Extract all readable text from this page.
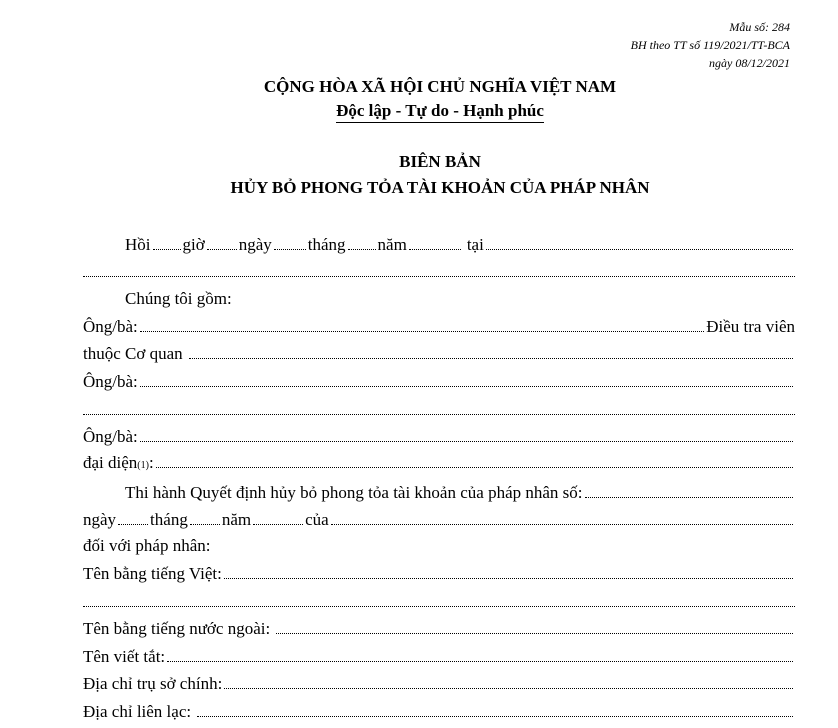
Mẫu số: 284
BH theo TT số 119/2021/TT-BCA
ngày 08/12/2021
CỘNG HÒA XÃ HỘI CHỦ NGHĨA VIỆT NAM
Độc lập - Tự do - Hạnh phúc
BIÊN BẢN
HỦY BỎ PHONG TỎA TÀI KHOẢN CỦA PHÁP NHÂN
Hồi giờ ngày tháng năm	tại
Chúng tôi gồm:
Ông/bà:	Điều tra viên
thuộc Cơ quan
Ông/bà:
Ông/bà:
đại diện (1) :
Thi hành Quyết định hủy bỏ phong tỏa tài khoản của pháp nhân số:
ngày tháng năm	của
đối với pháp nhân:
Tên bằng tiếng Việt:
Tên bằng tiếng nước ngoài:
Tên viết tắt:
Địa chỉ trụ sở chính:
Địa chỉ liên lạc:
